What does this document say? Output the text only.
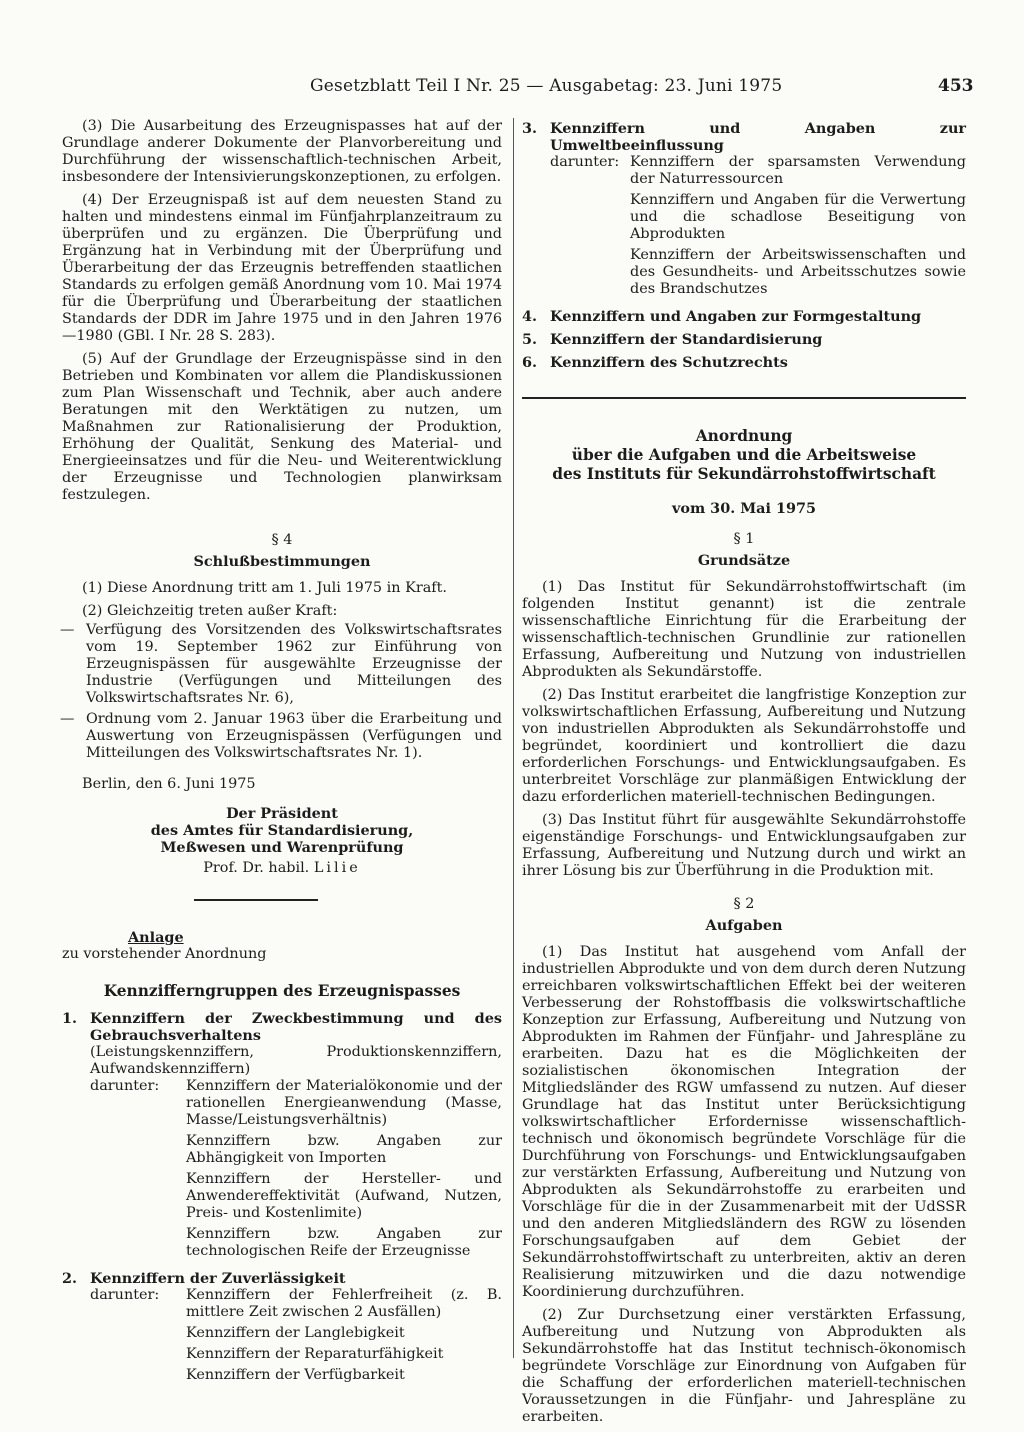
Gesetzblatt Teil I Nr. 25 — Ausgabetag: 23. Juni 1975	453

(3) Die Ausarbeitung des Erzeugnispasses hat auf der Grundlage anderer Dokumente der Planvorbereitung und Durchführung der wissenschaftlich-technischen Arbeit, insbesondere der Intensivierungskonzeptionen, zu erfolgen.

(4) Der Erzeugnispaß ist auf dem neuesten Stand zu halten und mindestens einmal im Fünfjahrplanzeitraum zu überprüfen und zu ergänzen. Die Überprüfung und Ergänzung hat in Verbindung mit der Überprüfung und Überarbeitung der das Erzeugnis betreffenden staatlichen Standards zu erfolgen gemäß Anordnung vom 10. Mai 1974 für die Überprüfung und Überarbeitung der staatlichen Standards der DDR im Jahre 1975 und in den Jahren 1976—1980 (GBl. I Nr. 28 S. 283).

(5) Auf der Grundlage der Erzeugnispässe sind in den Betrieben und Kombinaten vor allem die Plandiskussionen zum Plan Wissenschaft und Technik, aber auch andere Beratungen mit den Werktätigen zu nutzen, um Maßnahmen zur Rationalisierung der Produktion, Erhöhung der Qualität, Senkung des Material- und Energieeinsatzes und für die Neu- und Weiterentwicklung der Erzeugnisse und Technologien planwirksam festzulegen.

§ 4
Schlußbestimmungen

(1) Diese Anordnung tritt am 1. Juli 1975 in Kraft.

(2) Gleichzeitig treten außer Kraft:

— Verfügung des Vorsitzenden des Volkswirtschaftsrates vom 19. September 1962 zur Einführung von Erzeugnispässen für ausgewählte Erzeugnisse der Industrie (Verfügungen und Mitteilungen des Volkswirtschaftsrates Nr. 6),
— Ordnung vom 2. Januar 1963 über die Erarbeitung und Auswertung von Erzeugnispässen (Verfügungen und Mitteilungen des Volkswirtschaftsrates Nr. 1).

Berlin, den 6. Juni 1975

Der Präsident
des Amtes für Standardisierung,
Meßwesen und Warenprüfung
Prof. Dr. habil. Lilie
Anlage
zu vorstehender Anordnung
Kennzifferngruppen des Erzeugnispasses
1. Kennziffern der Zweckbestimmung und des Gebrauchsverhaltens
(Leistungskennziffern, Produktionskennziffern, Aufwandskennziffern)
darunter:	Kennziffern der Materialökonomie und der rationellen Energieanwendung (Masse, Masse/Leistungsverhältnis)
Kennziffern bzw. Angaben zur Abhängigkeit von Importen
Kennziffern der Hersteller- und Anwendereffektivität (Aufwand, Nutzen, Preis- und Kostenlimite)
Kennziffern bzw. Angaben zur technologischen Reife der Erzeugnisse
2. Kennziffern der Zuverlässigkeit
darunter:	Kennziffern der Fehlerfreiheit (z. B. mittlere Zeit zwischen 2 Ausfällen)
Kennziffern der Langlebigkeit
Kennziffern der Reparaturfähigkeit
Kennziffern der Verfügbarkeit
3. Kennziffern und Angaben zur Umweltbeeinflussung
darunter: Kennziffern der sparsamsten Verwendung der Naturressourcen
Kennziffern und Angaben für die Verwertung und die schadlose Beseitigung von Abprodukten
Kennziffern der Arbeitswissenschaften und des Gesundheits- und Arbeitsschutzes sowie des Brandschutzes
4. Kennziffern und Angaben zur Formgestaltung
5. Kennziffern der Standardisierung
6. Kennziffern des Schutzrechts
Anordnung
über die Aufgaben und die Arbeitsweise
des Instituts für Sekundärrohstoffwirtschaft
vom 30. Mai 1975
§ 1
Grundsätze

(1) Das Institut für Sekundärrohstoffwirtschaft (im folgenden Institut genannt) ist die zentrale wissenschaftliche Einrichtung für die Erarbeitung der wissenschaftlich-technischen Grundlinie zur rationellen Erfassung, Aufbereitung und Nutzung von industriellen Abprodukten als Sekundärstoffe.

(2) Das Institut erarbeitet die langfristige Konzeption zur volkswirtschaftlichen Erfassung, Aufbereitung und Nutzung von industriellen Abprodukten als Sekundärrohstoffe und begründet, koordiniert und kontrolliert die dazu erforderlichen Forschungs- und Entwicklungsaufgaben. Es unterbreitet Vorschläge zur planmäßigen Entwicklung der dazu erforderlichen materiell-technischen Bedingungen.

(3) Das Institut führt für ausgewählte Sekundärrohstoffe eigenständige Forschungs- und Entwicklungsaufgaben zur Erfassung, Aufbereitung und Nutzung durch und wirkt an ihrer Lösung bis zur Überführung in die Produktion mit.

§ 2
Aufgaben

(1) Das Institut hat ausgehend vom Anfall der industriellen Abprodukte und von dem durch deren Nutzung erreichbaren volkswirtschaftlichen Effekt bei der weiteren Verbesserung der Rohstoffbasis die volkswirtschaftliche Konzeption zur Erfassung, Aufbereitung und Nutzung von Abprodukten im Rahmen der Fünfjahr- und Jahrespläne zu erarbeiten. Dazu hat es die Möglichkeiten der sozialistischen ökonomischen Integration der Mitgliedsländer des RGW umfassend zu nutzen. Auf dieser Grundlage hat das Institut unter Berücksichtigung volkswirtschaftlicher Erfordernisse wissenschaftlich-technisch und ökonomisch begründete Vorschläge für die Durchführung von Forschungs- und Entwicklungsaufgaben zur verstärkten Erfassung, Aufbereitung und Nutzung von Abprodukten als Sekundärrohstoffe zu erarbeiten und Vorschläge für die in der Zusammenarbeit mit der UdSSR und den anderen Mitgliedsländern des RGW zu lösenden Forschungsaufgaben auf dem Gebiet der Sekundärrohstoffwirtschaft zu unterbreiten, aktiv an deren Realisierung mitzuwirken und die dazu notwendige Koordinierung durchzuführen.

(2) Zur Durchsetzung einer verstärkten Erfassung, Aufbereitung und Nutzung von Abprodukten als Sekundärrohstoffe hat das Institut technisch-ökonomisch begründete Vorschläge zur Einordnung von Aufgaben für die Schaffung der erforderlichen materiell-technischen Voraussetzungen in die Fünfjahr- und Jahrespläne zu erarbeiten.
